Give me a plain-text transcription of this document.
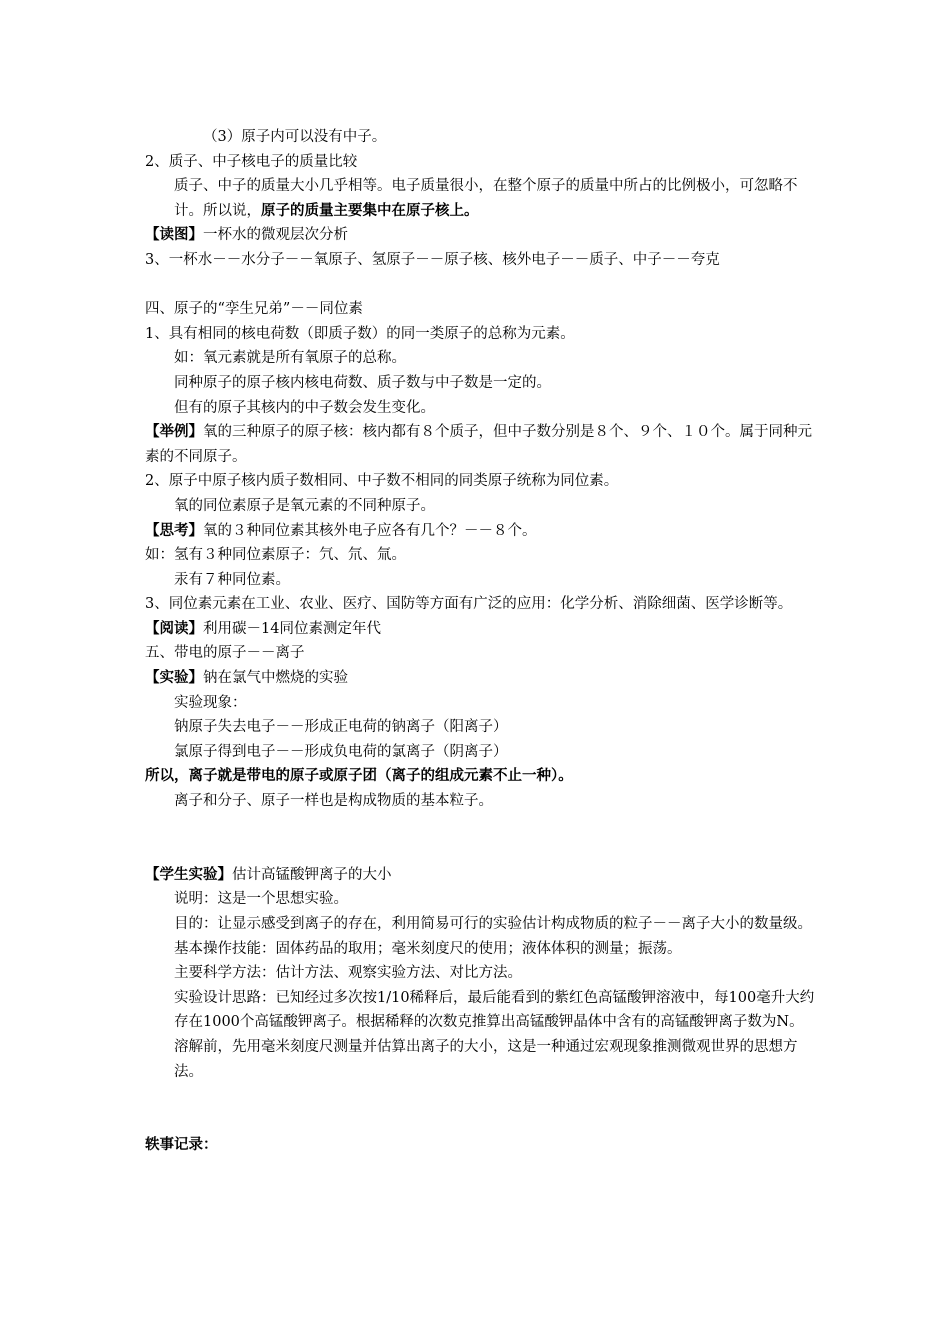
（3）原子内可以没有中子。
2、质子、中子核电子的质量比较
质子、中子的质量大小几乎相等。电子质量很小，在整个原子的质量中所占的比例极小，可忽略不计。所以说，原子的质量主要集中在原子核上。
【读图】一杯水的微观层次分析
3、一杯水－－水分子－－氧原子、氢原子－－原子核、核外电子－－质子、中子－－夸克
四、原子的“孪生兄弟”－－同位素
1、具有相同的核电荷数（即质子数）的同一类原子的总称为元素。
如：氧元素就是所有氧原子的总称。
同种原子的原子核内核电荷数、质子数与中子数是一定的。
但有的原子其核内的中子数会发生变化。
【举例】氧的三种原子的原子核：核内都有８个质子，但中子数分别是８个、９个、１０个。属于同种元素的不同原子。
2、原子中原子核内质子数相同、中子数不相同的同类原子统称为同位素。
氧的同位素原子是氧元素的不同种原子。
【思考】氧的３种同位素其核外电子应各有几个？－－８个。
如：氢有３种同位素原子：氕、氘、氚。
汞有７种同位素。
3、同位素元素在工业、农业、医疗、国防等方面有广泛的应用：化学分析、消除细菌、医学诊断等。
【阅读】利用碳－14同位素测定年代
五、带电的原子－－离子
【实验】钠在氯气中燃烧的实验
实验现象：
钠原子失去电子－－形成正电荷的钠离子（阳离子）
氯原子得到电子－－形成负电荷的氯离子（阴离子）
所以，离子就是带电的原子或原子团（离子的组成元素不止一种）。
离子和分子、原子一样也是构成物质的基本粒子。
【学生实验】估计高锰酸钾离子的大小
说明：这是一个思想实验。
目的：让显示感受到离子的存在，利用简易可行的实验估计构成物质的粒子－－离子大小的数量级。
基本操作技能：固体药品的取用；毫米刻度尺的使用；液体体积的测量；振荡。
主要科学方法：估计方法、观察实验方法、对比方法。
实验设计思路：已知经过多次按1/10稀释后，最后能看到的紫红色高锰酸钾溶液中，每100毫升大约存在1000个高锰酸钾离子。根据稀释的次数克推算出高锰酸钾晶体中含有的高锰酸钾离子数为N。溶解前，先用毫米刻度尺测量并估算出离子的大小，这是一种通过宏观现象推测微观世界的思想方法。
轶事记录：
